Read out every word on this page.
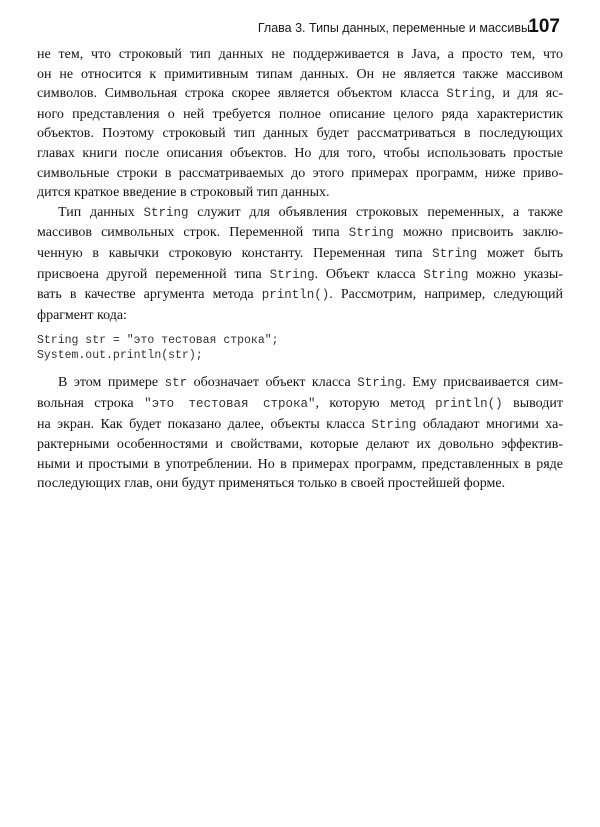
Глава 3. Типы данных, переменные и массивы
107

не тем, что строковый тип данных не поддерживается в Java, а просто тем, что
он не относится к примитивным типам данных. Он не является также массивом
символов. Символьная строка скорее является объектом класса String, и для яс-
ного представления о ней требуется полное описание целого ряда характеристик
объектов. Поэтому строковый тип данных будет рассматриваться в последующих
главах книги после описания объектов. Но для того, чтобы использовать простые
символьные строки в рассматриваемых до этого примерах программ, ниже приво-
дится краткое введение в строковый тип данных.

Тип данных String служит для объявления строковых переменных, а также
массивов символьных строк. Переменной типа String можно присвоить заклю-
ченную в кавычки строковую константу. Переменная типа String может быть
присвоена другой переменной типа String. Объект класса String можно указы-
вать в качестве аргумента метода println(). Рассмотрим, например, следующий
фрагмент кода:

String str = "это тестовая строка";
System.out.println(str);

В этом примере str обозначает объект класса String. Ему присваивается сим-
вольная строка "это тестовая строка", которую метод println() выводит
на экран. Как будет показано далее, объекты класса String обладают многими ха-
рактерными особенностями и свойствами, которые делают их довольно эффектив-
ными и простыми в употреблении. Но в примерах программ, представленных в ряде
последующих глав, они будут применяться только в своей простейшей форме.
